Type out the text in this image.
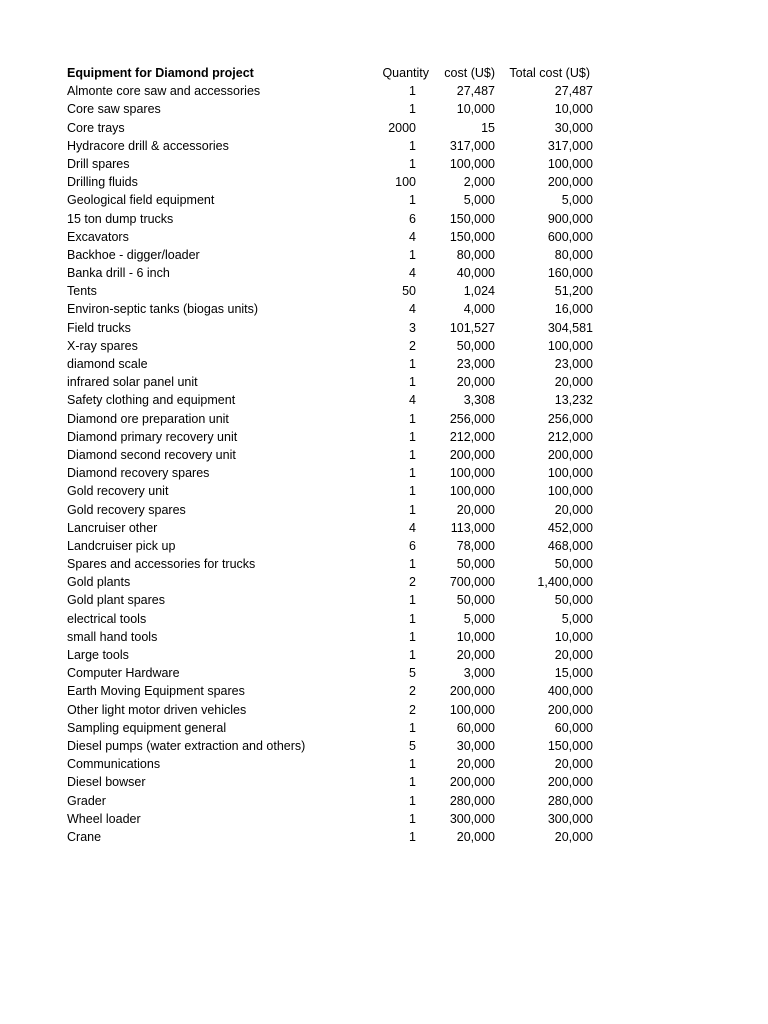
Equipment for Diamond project	Quantity	cost (U$)	Total cost (U$)
Almonte core saw and accessories	1	27,487	27,487
Core saw spares	1	10,000	10,000
Core trays	2000	15	30,000
Hydracore drill & accessories	1	317,000	317,000
Drill spares	1	100,000	100,000
Drilling fluids	100	2,000	200,000
Geological field equipment	1	5,000	5,000
15 ton dump trucks	6	150,000	900,000
Excavators	4	150,000	600,000
Backhoe - digger/loader	1	80,000	80,000
Banka drill - 6 inch	4	40,000	160,000
Tents	50	1,024	51,200
Environ-septic tanks (biogas units)	4	4,000	16,000
Field trucks	3	101,527	304,581
X-ray spares	2	50,000	100,000
diamond scale	1	23,000	23,000
infrared solar panel unit	1	20,000	20,000
Safety clothing and equipment	4	3,308	13,232
Diamond ore preparation unit	1	256,000	256,000
Diamond primary recovery unit	1	212,000	212,000
Diamond second recovery unit	1	200,000	200,000
Diamond recovery spares	1	100,000	100,000
Gold recovery unit	1	100,000	100,000
Gold recovery spares	1	20,000	20,000
Lancruiser other	4	113,000	452,000
Landcruiser pick up	6	78,000	468,000
Spares and accessories for trucks	1	50,000	50,000
Gold plants	2	700,000	1,400,000
Gold plant spares	1	50,000	50,000
electrical tools	1	5,000	5,000
small hand tools	1	10,000	10,000
Large tools	1	20,000	20,000
Computer Hardware	5	3,000	15,000
Earth Moving Equipment spares	2	200,000	400,000
Other light motor driven vehicles	2	100,000	200,000
Sampling equipment general	1	60,000	60,000
Diesel pumps (water extraction and others)	5	30,000	150,000
Communications	1	20,000	20,000
Diesel bowser	1	200,000	200,000
Grader	1	280,000	280,000
Wheel loader	1	300,000	300,000
Crane	1	20,000	20,000
